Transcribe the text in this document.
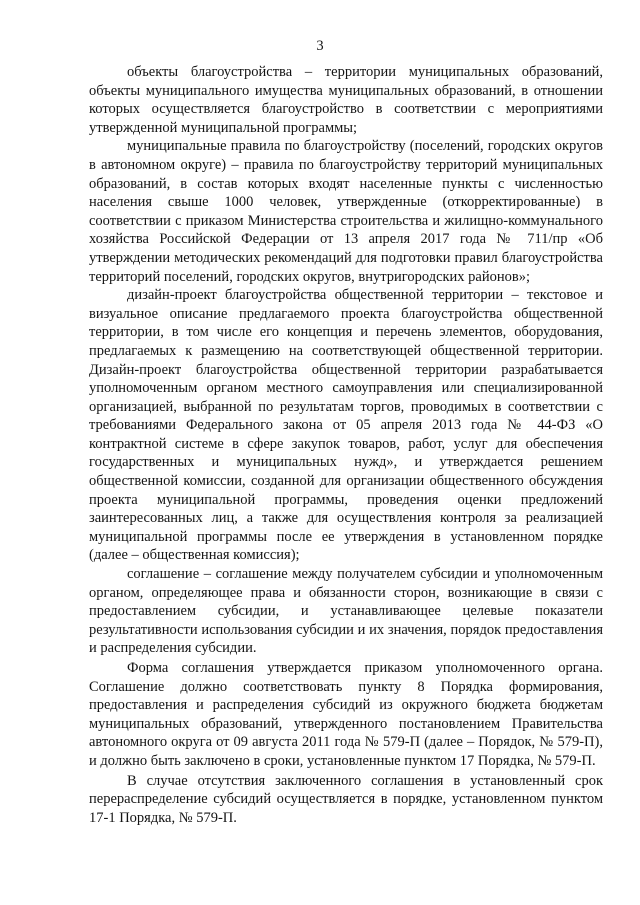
3

объекты благоустройства – территории муниципальных образований, объекты муниципального имущества муниципальных образований, в отношении которых осуществляется благоустройство в соответствии с мероприятиями утвержденной муниципальной программы;

муниципальные правила по благоустройству (поселений, городских округов в автономном округе) – правила по благоустройству территорий муниципальных образований, в состав которых входят населенные пункты с численностью населения свыше 1000 человек, утвержденные (откорректированные) в соответствии с приказом Министерства строительства и жилищно-коммунального хозяйства Российской Федерации от 13 апреля 2017 года № 711/пр «Об утверждении методических рекомендаций для подготовки правил благоустройства территорий поселений, городских округов, внутригородских районов»;

дизайн-проект благоустройства общественной территории – текстовое и визуальное описание предлагаемого проекта благоустройства общественной территории, в том числе его концепция и перечень элементов, оборудования, предлагаемых к размещению на соответствующей общественной территории. Дизайн-проект благоустройства общественной территории разрабатывается уполномоченным органом местного самоуправления или специализированной организацией, выбранной по результатам торгов, проводимых в соответствии с требованиями Федерального закона от 05 апреля 2013 года № 44-ФЗ «О контрактной системе в сфере закупок товаров, работ, услуг для обеспечения государственных и муниципальных нужд», и утверждается решением общественной комиссии, созданной для организации общественного обсуждения проекта муниципальной программы, проведения оценки предложений заинтересованных лиц, а также для осуществления контроля за реализацией муниципальной программы после ее утверждения в установленном порядке (далее – общественная комиссия);

соглашение – соглашение между получателем субсидии и уполномоченным органом, определяющее права и обязанности сторон, возникающие в связи с предоставлением субсидии, и устанавливающее целевые показатели результативности использования субсидии и их значения, порядок предоставления и распределения субсидии.

Форма соглашения утверждается приказом уполномоченного органа. Соглашение должно соответствовать пункту 8 Порядка формирования, предоставления и распределения субсидий из окружного бюджета бюджетам муниципальных образований, утвержденного постановлением Правительства автономного округа от 09 августа 2011 года № 579-П (далее – Порядок, № 579-П), и должно быть заключено в сроки, установленные пунктом 17 Порядка, № 579-П.

В случае отсутствия заключенного соглашения в установленный срок перераспределение субсидий осуществляется в порядке, установленном пунктом 17-1 Порядка, № 579-П.
